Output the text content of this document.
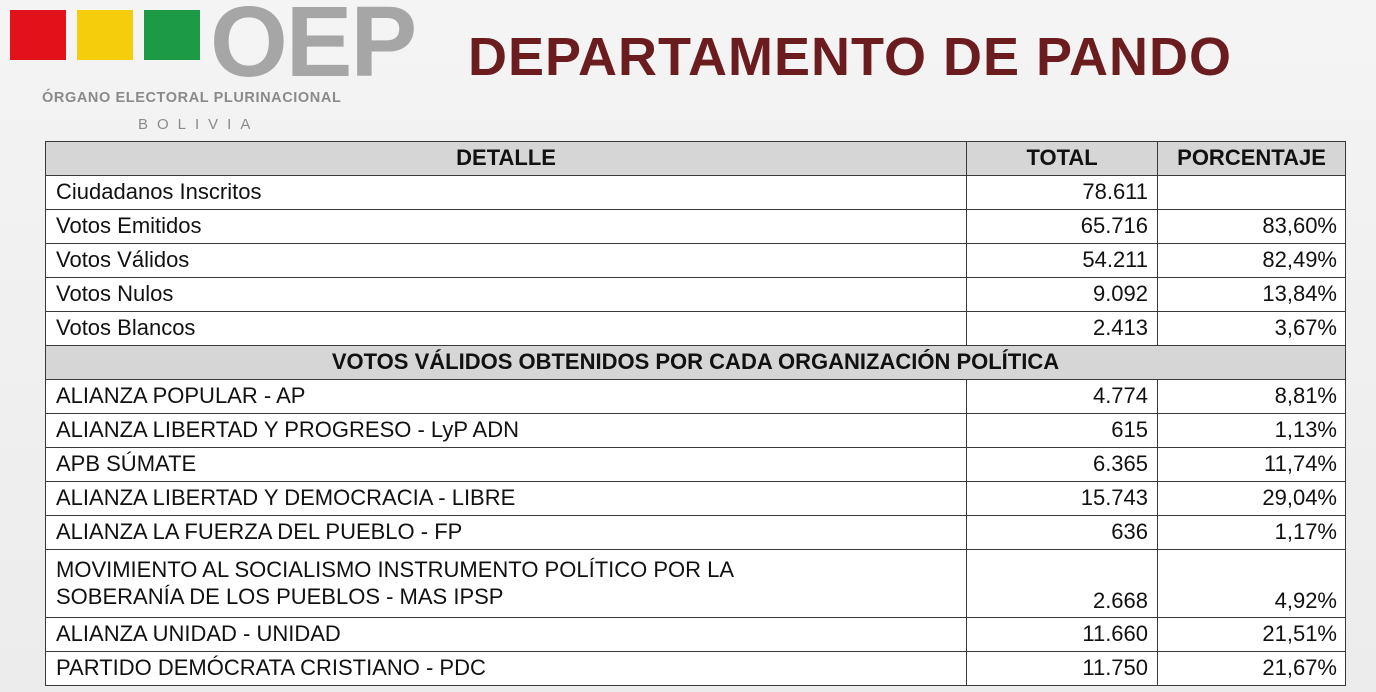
OEP
ÓRGANO ELECTORAL PLURINACIONAL
BOLIVIA
DEPARTAMENTO DE PANDO
DETALLE	TOTAL	PORCENTAJE
Ciudadanos Inscritos	78.611	
Votos Emitidos	65.716	83,60%
Votos Válidos	54.211	82,49%
Votos Nulos	9.092	13,84%
Votos Blancos	2.413	3,67%
VOTOS VÁLIDOS OBTENIDOS POR CADA ORGANIZACIÓN POLÍTICA		
ALIANZA POPULAR - AP	4.774	8,81%
ALIANZA LIBERTAD Y PROGRESO - LyP ADN	615	1,13%
APB SÚMATE	6.365	11,74%
ALIANZA LIBERTAD Y DEMOCRACIA - LIBRE	15.743	29,04%
ALIANZA LA FUERZA DEL PUEBLO - FP	636	1,17%
MOVIMIENTO AL SOCIALISMO INSTRUMENTO POLÍTICO POR LA
SOBERANÍA DE LOS PUEBLOS - MAS IPSP	2.668	4,92%
ALIANZA UNIDAD - UNIDAD	11.660	21,51%
PARTIDO DEMÓCRATA CRISTIANO - PDC	11.750	21,67%
